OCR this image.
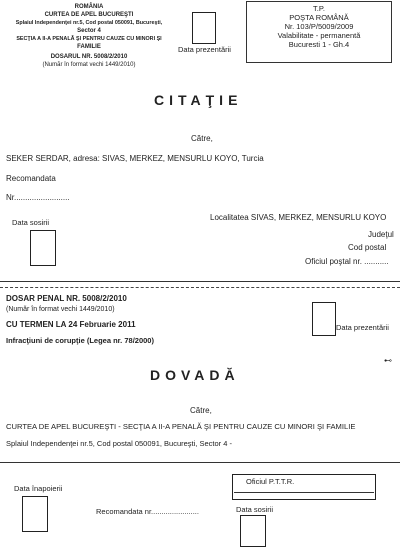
ROMÂNIA
CURTEA DE APEL BUCUREŞTI
Splaiul Independenţei nr.5, Cod postal 050091, Bucureşti,
Sector 4
SECŢIA A II-A PENALĂ ŞI PENTRU CAUZE CU MINORI ŞI
FAMILIE
DOSARUL NR. 5008/2/2010
(Număr în format vechi 1449/2010)
Data prezentării
T.P.
POŞTA ROMÂNĂ
Nr. 103/P/5009/2009
Valabilitate - permanentă
Bucuresti 1 - Gh.4
CITAŢIE
Către,
SEKER SERDAR, adresa: SIVAS, MERKEZ, MENSURLU KOYO, Turcia
Recomandata
Nr.........................
Data sosirii
Localitatea SIVAS, MERKEZ, MENSURLU KOYO
Judeţul
Cod postal
Oficiul poştal nr. ...........
DOSAR PENAL NR. 5008/2/2010
(Număr în format vechi 1449/2010)
CU TERMEN LA 24 Februarie 2011
Infracţiuni de corupţie (Legea nr. 78/2000)
Data prezentării
⊷
DOVADĂ
Către,
CURTEA DE APEL BUCUREŞTI - SECŢIA A II-A PENALĂ ŞI PENTRU CAUZE CU MINORI ŞI FAMILIE
Splaiul Independenţei nr.5, Cod postal 050091, Bucureşti, Sector 4 -
Data înapoierii
Recomandata nr.......................
Oficiul P.T.T.R.
Data sosirii
